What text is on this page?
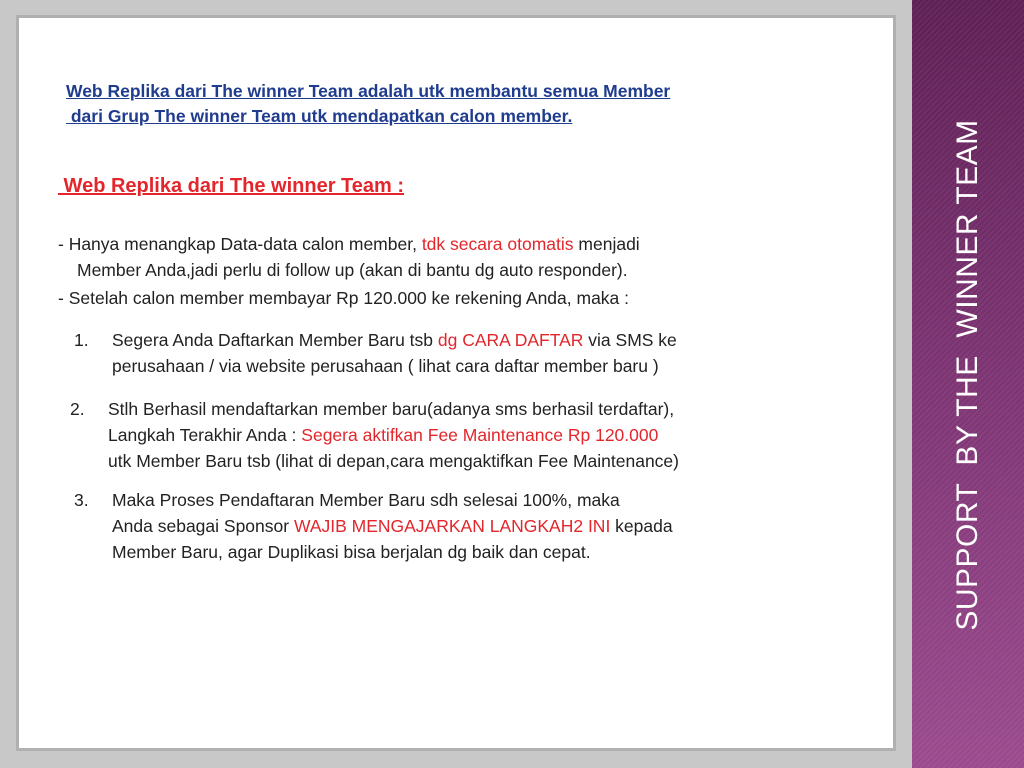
Web Replika dari The winner Team adalah utk membantu semua Member
dari Grup The winner Team utk mendapatkan calon member.
Web Replika dari The winner Team :
- Hanya menangkap Data-data calon member, tdk secara otomatis menjadi
Member Anda,jadi perlu di follow up (akan di bantu dg auto responder).
- Setelah calon member membayar Rp 120.000 ke rekening Anda, maka :
1. Segera Anda Daftarkan Member Baru tsb dg CARA DAFTAR via SMS ke
perusahaan / via website perusahaan ( lihat cara daftar member baru )
2. Stlh Berhasil mendaftarkan member baru(adanya sms berhasil terdaftar),
Langkah Terakhir Anda : Segera aktifkan Fee Maintenance Rp 120.000
utk Member Baru tsb (lihat di depan,cara mengaktifkan Fee Maintenance)
3. Maka Proses Pendaftaran Member Baru sdh selesai 100%, maka
Anda sebagai Sponsor WAJIB MENGAJARKAN LANGKAH2 INI kepada
Member Baru, agar Duplikasi bisa berjalan dg baik dan cepat.	SUPPORT  BY THE  WINNER TEAM
